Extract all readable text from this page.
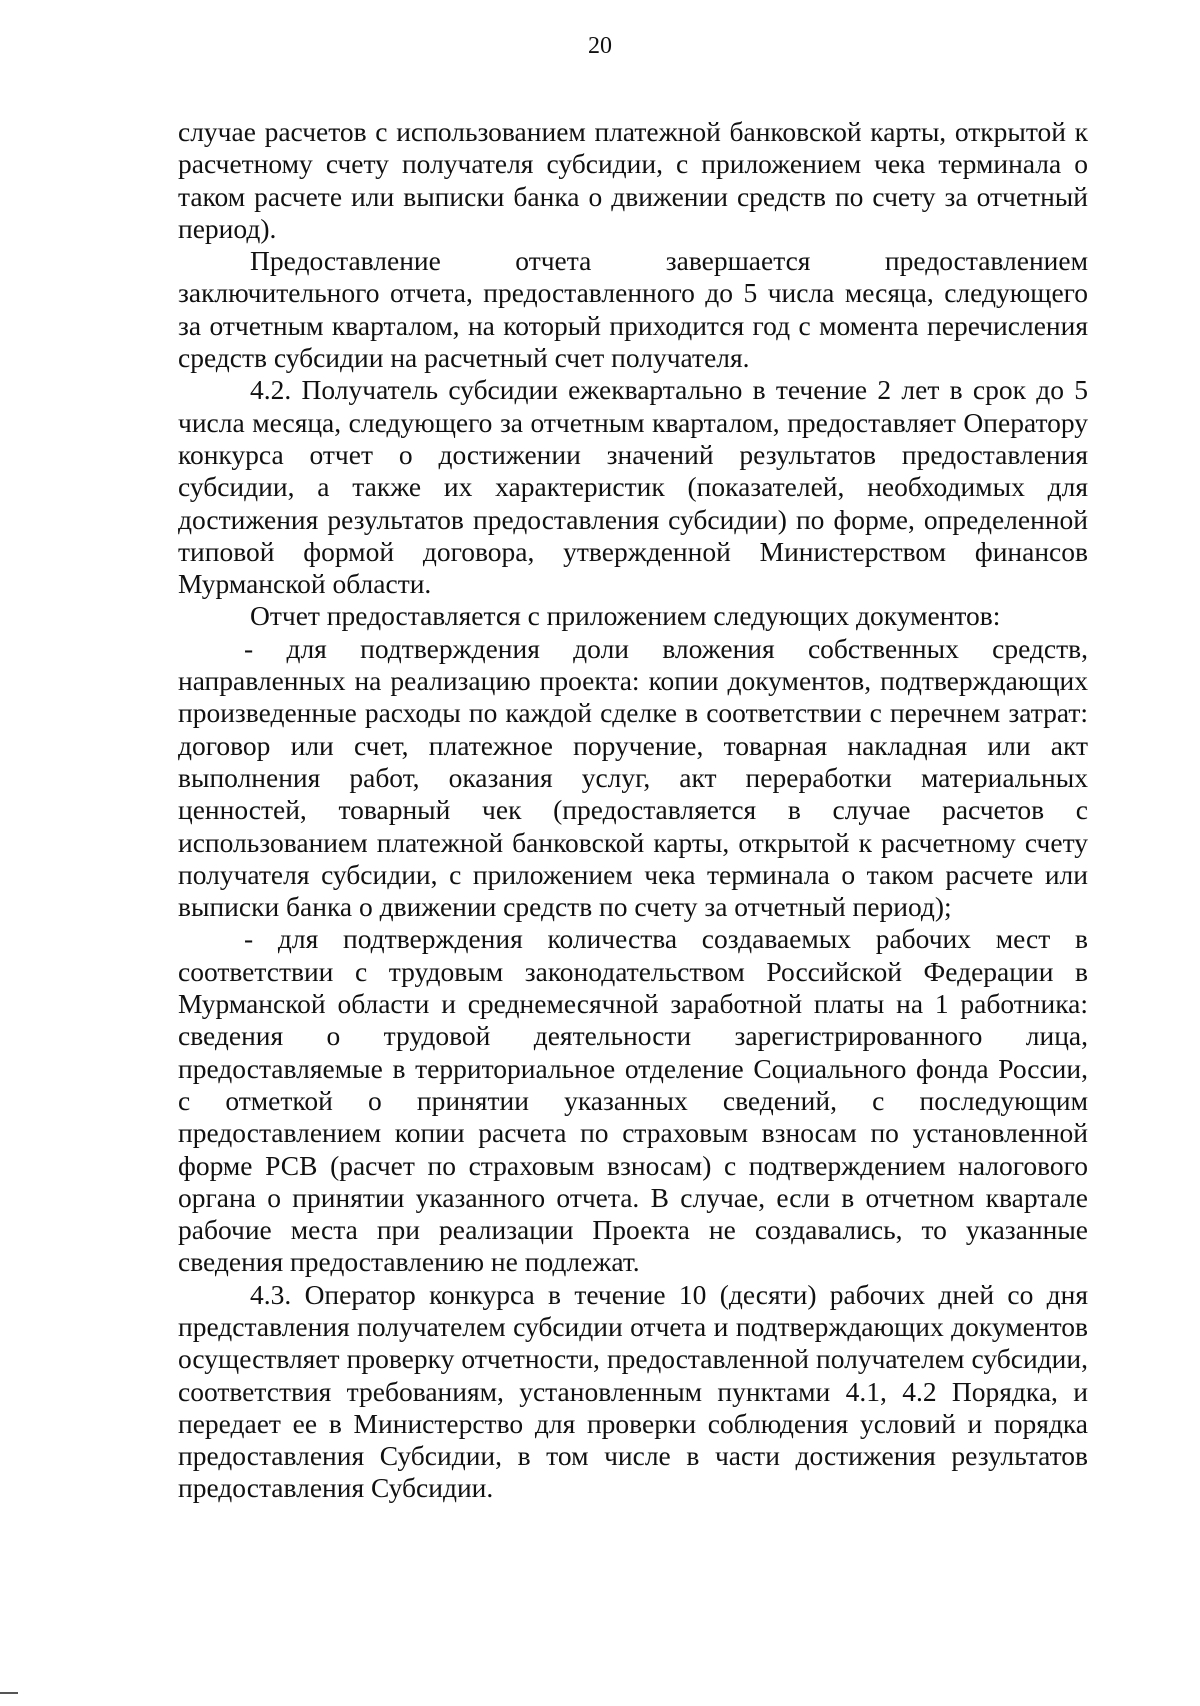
20

случае расчетов с использованием платежной банковской карты, открытой к расчетному счету получателя субсидии, с приложением чека терминала о таком расчете или выписки банка о движении средств по счету за отчетный период).

Предоставление отчета завершается предоставлением заключительного отчета, предоставленного до 5 числа месяца, следующего за отчетным кварталом, на который приходится год с момента перечисления средств субсидии на расчетный счет получателя.

4.2. Получатель субсидии ежеквартально в течение 2 лет в срок до 5 числа месяца, следующего за отчетным кварталом, предоставляет Оператору конкурса отчет о достижении значений результатов предоставления субсидии, а также их характеристик (показателей, необходимых для достижения результатов предоставления субсидии) по форме, определенной типовой формой договора, утвержденной Министерством финансов Мурманской области.

Отчет предоставляется с приложением следующих документов:

- для подтверждения доли вложения собственных средств, направленных на реализацию проекта: копии документов, подтверждающих произведенные расходы по каждой сделке в соответствии с перечнем затрат: договор или счет, платежное поручение, товарная накладная или акт выполнения работ, оказания услуг, акт переработки материальных ценностей, товарный чек (предоставляется в случае расчетов с использованием платежной банковской карты, открытой к расчетному счету получателя субсидии, с приложением чека терминала о таком расчете или выписки банка о движении средств по счету за отчетный период);

- для подтверждения количества создаваемых рабочих мест в соответствии с трудовым законодательством Российской Федерации в Мурманской области и среднемесячной заработной платы на 1 работника: сведения о трудовой деятельности зарегистрированного лица, предоставляемые в территориальное отделение Социального фонда России, с отметкой о принятии указанных сведений, с последующим предоставлением копии расчета по страховым взносам по установленной форме РСВ (расчет по страховым взносам) с подтверждением налогового органа о принятии указанного отчета. В случае, если в отчетном квартале рабочие места при реализации Проекта не создавались, то указанные сведения предоставлению не подлежат.

4.3. Оператор конкурса в течение 10 (десяти) рабочих дней со дня представления получателем субсидии отчета и подтверждающих документов осуществляет проверку отчетности, предоставленной получателем субсидии, соответствия требованиям, установленным пунктами 4.1, 4.2 Порядка, и передает ее в Министерство для проверки соблюдения условий и порядка предоставления Субсидии, в том числе в части достижения результатов предоставления Субсидии.
